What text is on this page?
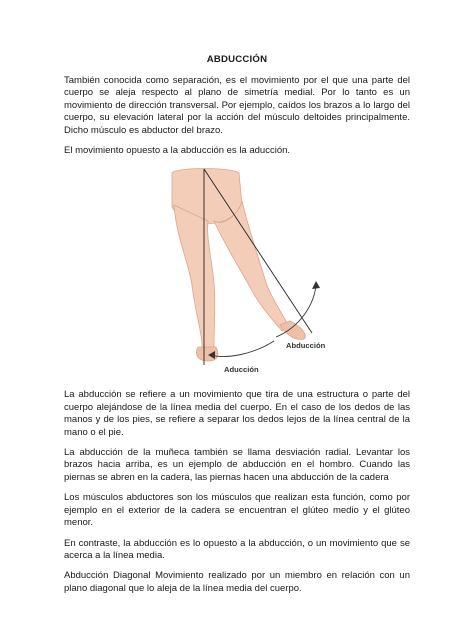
ABDUCCIÓN

También conocida como separación, es el movimiento por el que una parte del cuerpo se aleja respecto al plano de simetría medial. Por lo tanto es un movimiento de dirección transversal. Por ejemplo, caídos los brazos a lo largo del cuerpo, su elevación lateral por la acción del músculo deltoides principalmente. Dicho músculo es abductor del brazo.

El movimiento opuesto a la abducción es la aducción.

Abducción
Aducción

La abducción se refiere a un movimiento que tira de una estructura o parte del cuerpo alejándose de la línea media del cuerpo. En el caso de los dedos de las manos y de los pies, se refiere a separar los dedos lejos de la línea central de la mano o el pie.

La abducción de la muñeca también se llama desviación radial. Levantar los brazos hacia arriba, es un ejemplo de abducción en el hombro. Cuando las piernas se abren en la cadera, las piernas hacen una abducción de la cadera

Los músculos abductores son los músculos que realizan esta función, como por ejemplo en el exterior de la cadera se encuentran el glúteo medio y el glúteo menor.

En contraste, la abducción es lo opuesto a la abducción, o un movimiento que se acerca a la línea media.

Abducción Diagonal Movimiento realizado por un miembro en relación con un plano diagonal que lo aleja de la línea media del cuerpo.
